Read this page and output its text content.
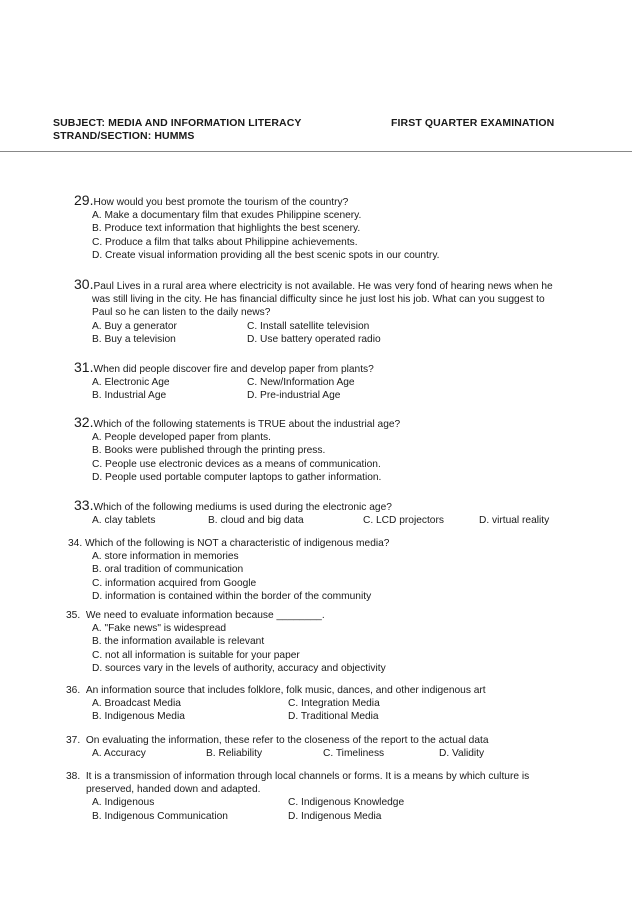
SUBJECT: MEDIA AND INFORMATION LITERACY	FIRST QUARTER EXAMINATION
STRAND/SECTION: HUMMS
29.How would you best promote the tourism of the country?
A. Make a documentary film that exudes Philippine scenery.
B. Produce text information that highlights the best scenery.
C. Produce a film that talks about Philippine achievements.
D. Create visual information providing all the best scenic spots in our country.
30.Paul Lives in a rural area where electricity is not available. He was very fond of hearing news when he
was still living in the city. He has financial difficulty since he just lost his job. What can you suggest to
Paul so he can listen to the daily news?
A. Buy a generator	C. Install satellite television
B. Buy a television	D. Use battery operated radio
31.When did people discover fire and develop paper from plants?
A. Electronic Age	C. New/Information Age
B. Industrial Age	D. Pre-industrial Age
32.Which of the following statements is TRUE about the industrial age?
A. People developed paper from plants.
B. Books were published through the printing press.
C. People use electronic devices as a means of communication.
D. People used portable computer laptops to gather information.
33.Which of the following mediums is used during the electronic age?
A. clay tablets	B. cloud and big data	C. LCD projectors	D. virtual reality
34. Which of the following is NOT a characteristic of indigenous media?
A. store information in memories
B. oral tradition of communication
C. information acquired from Google
D. information is contained within the border of the community
35. We need to evaluate information because ________.
A. "Fake news" is widespread
B. the information available is relevant
C. not all information is suitable for your paper
D. sources vary in the levels of authority, accuracy and objectivity
36. An information source that includes folklore, folk music, dances, and other indigenous art
A. Broadcast Media	C. Integration Media
B. Indigenous Media	D. Traditional Media
37. On evaluating the information, these refer to the closeness of the report to the actual data
A. Accuracy	B. Reliability	C. Timeliness	D. Validity
38. It is a transmission of information through local channels or forms. It is a means by which culture is
preserved, handed down and adapted.
A. Indigenous	C. Indigenous Knowledge
B. Indigenous Communication	D. Indigenous Media
